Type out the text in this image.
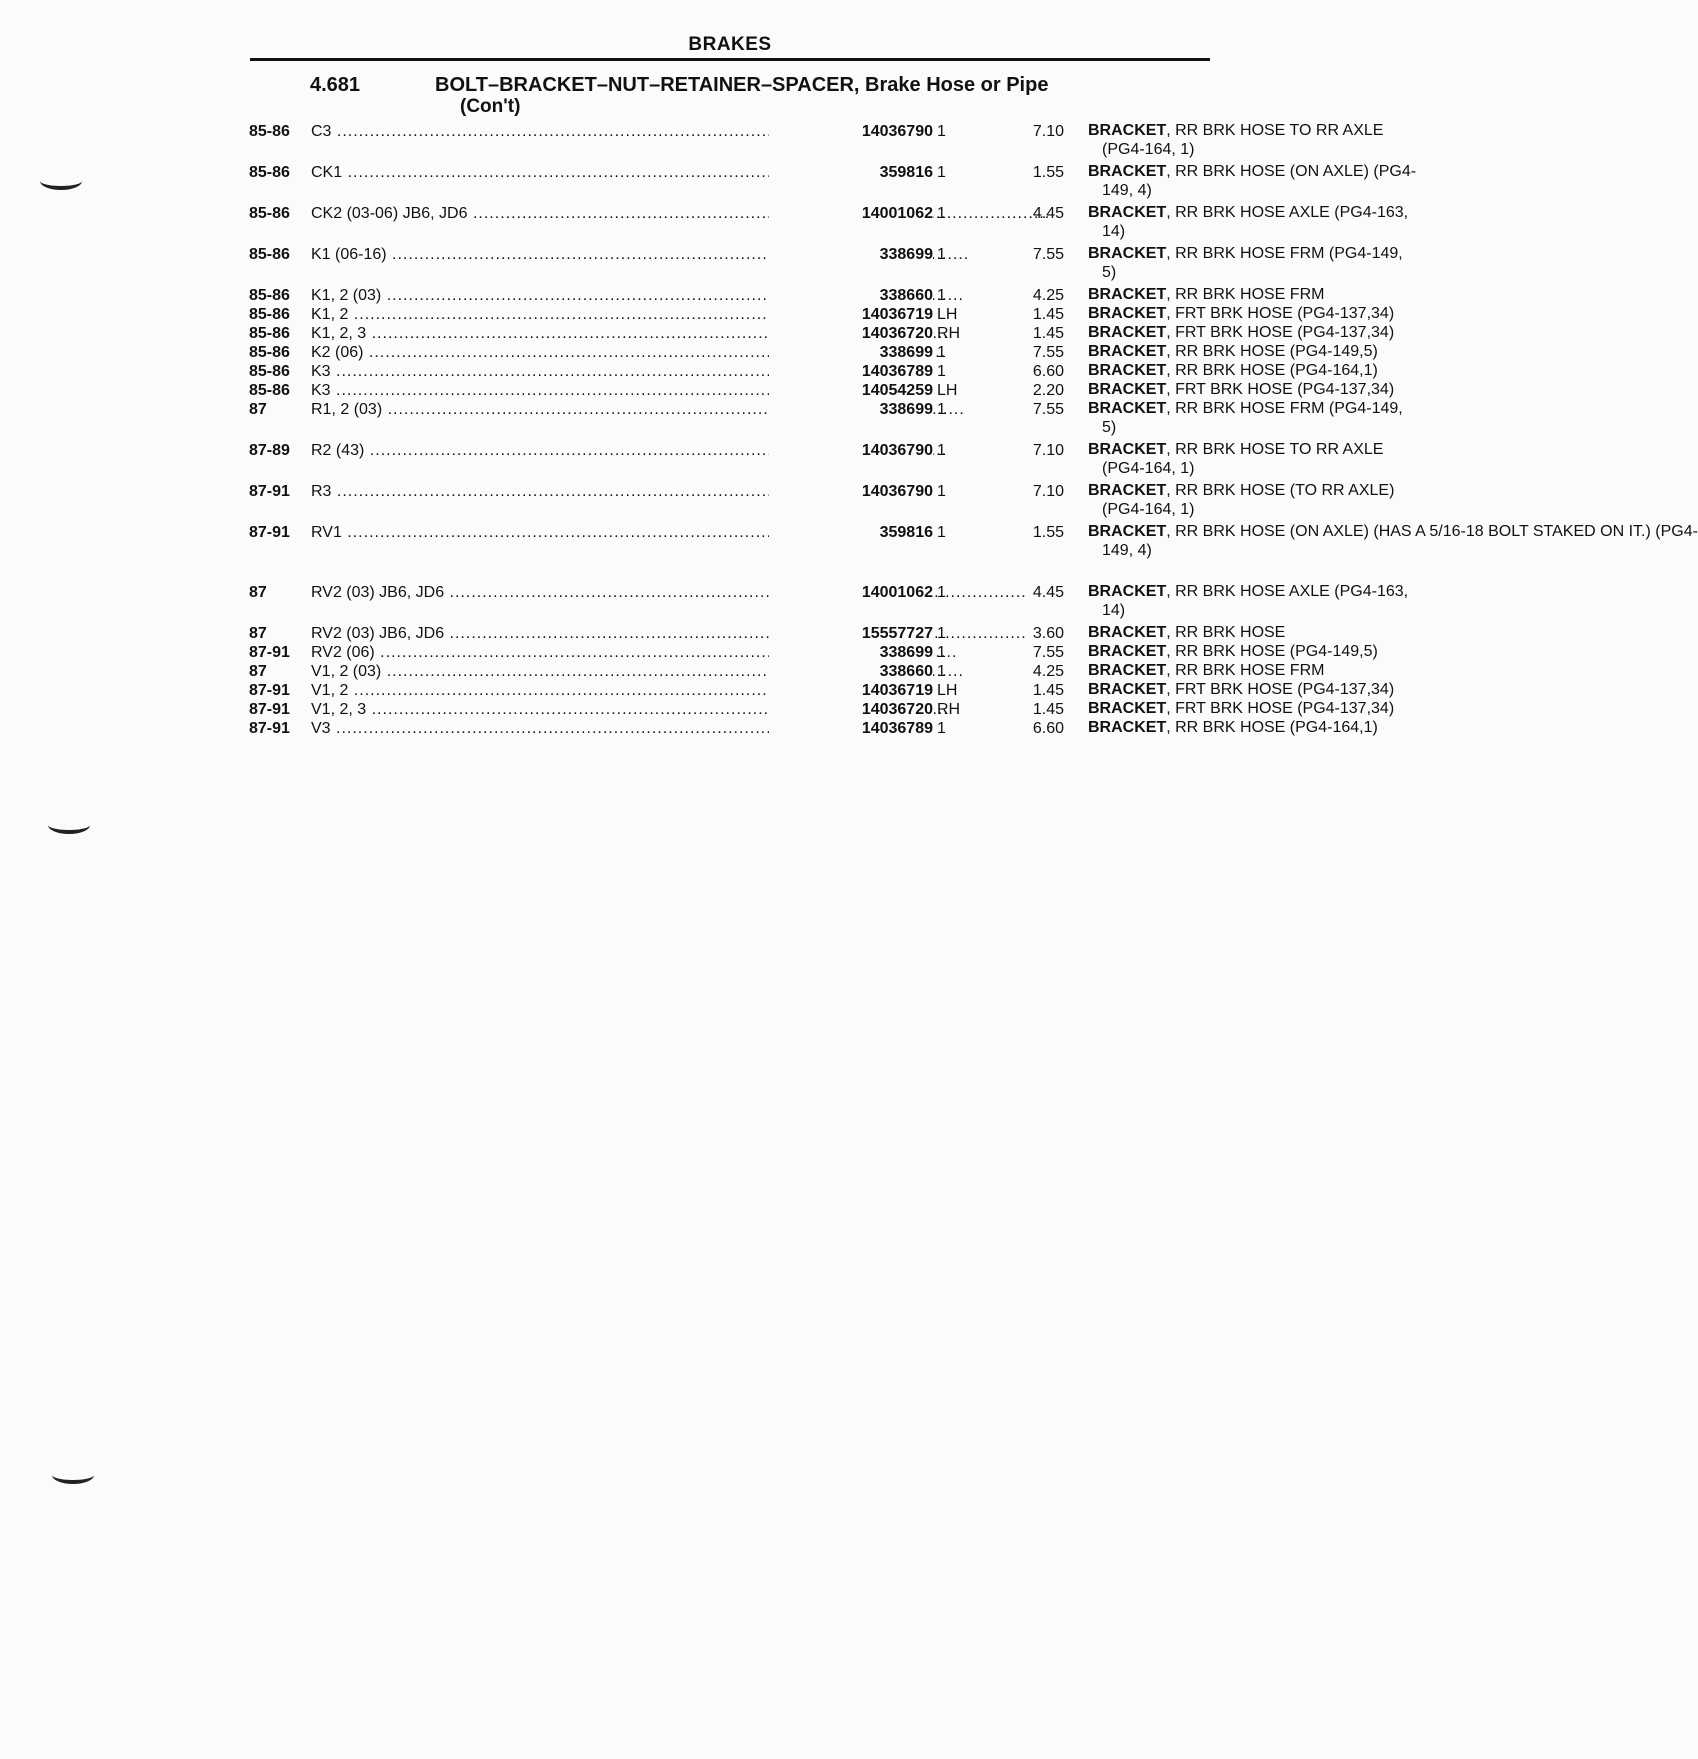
BRAKES
4.681	BOLT–BRACKET–NUT–RETAINER–SPACER, Brake Hose or Pipe
(Con't)
85-86 C3 .....	14036790 1	7.10 BRACKET, RR BRK HOSE TO RR AXLE
(PG4-164, 1)
85-86 CK1 .....	359816 1	1.55 BRACKET, RR BRK HOSE (ON AXLE) (PG4-
149, 4)
85-86 CK2 (03-06) JB6, JD6 .....	14001062 1	4.45 BRACKET, RR BRK HOSE AXLE (PG4-163,
14)
85-86 K1 (06-16) .....	338699 1	7.55 BRACKET, RR BRK HOSE FRM (PG4-149,
5)
85-86 K1, 2 (03) .....	338660 1	4.25 BRACKET, RR BRK HOSE FRM
85-86 K1, 2 .....	14036719 LH	1.45 BRACKET, FRT BRK HOSE (PG4-137,34)
85-86 K1, 2, 3 .....	14036720 RH	1.45 BRACKET, FRT BRK HOSE (PG4-137,34)
85-86 K2 (06) .....	338699 1	7.55 BRACKET, RR BRK HOSE (PG4-149,5)
85-86 K3 .....	14036789 1	6.60 BRACKET, RR BRK HOSE (PG4-164,1)
85-86 K3 .....	14054259 LH	2.20 BRACKET, FRT BRK HOSE (PG4-137,34)
87	R1, 2 (03) .....	338699 1	7.55 BRACKET, RR BRK HOSE FRM (PG4-149,
5)
87-89 R2 (43) .....	14036790 1	7.10 BRACKET, RR BRK HOSE TO RR AXLE
(PG4-164, 1)
87-91 R3 .....	14036790 1	7.10 BRACKET, RR BRK HOSE (TO RR AXLE)
(PG4-164, 1)
87-91 RV1 .....	359816 1	1.55 BRACKET, RR BRK HOSE (ON AXLE) (HAS A 5/16-18 BOLT STAKED ON IT.) (PG4-
149, 4)
87	RV2 (03) JB6, JD6 .....	14001062 1	4.45 BRACKET, RR BRK HOSE AXLE (PG4-163,
14)
87	RV2 (03) JB6, JD6 .....	15557727 1	3.60 BRACKET, RR BRK HOSE
87-91 RV2 (06) .....	338699 1	7.55 BRACKET, RR BRK HOSE (PG4-149,5)
87	V1, 2 (03) .....	338660 1	4.25 BRACKET, RR BRK HOSE FRM
87-91 V1, 2 .....	14036719 LH	1.45 BRACKET, FRT BRK HOSE (PG4-137,34)
87-91 V1, 2, 3 .....	14036720 RH	1.45 BRACKET, FRT BRK HOSE (PG4-137,34)
87-91 V3 .....	14036789 1	6.60 BRACKET, RR BRK HOSE (PG4-164,1)
